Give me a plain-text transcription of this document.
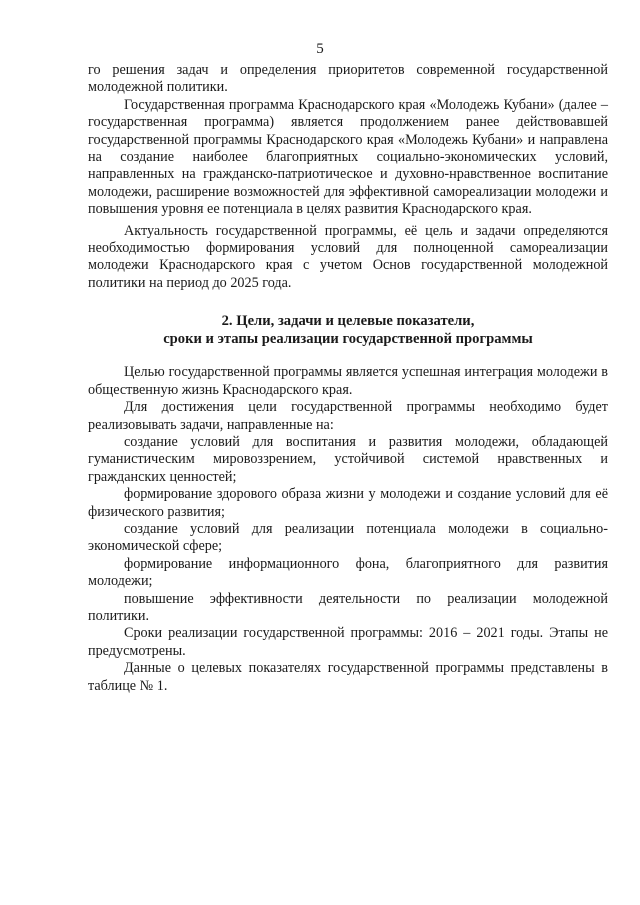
5

го решения задач и определения приоритетов современной государственной молодежной политики.

Государственная программа Краснодарского края «Молодежь Кубани» (далее – государственная программа) является продолжением ранее действовавшей государственной программы Краснодарского края «Молодежь Кубани» и направлена на создание наиболее благоприятных социально-экономических условий, направленных на гражданско-патриотическое и духовно-нравственное воспитание молодежи, расширение возможностей для эффективной самореализации молодежи и повышения уровня ее потенциала в целях развития Краснодарского края.

Актуальность государственной программы, её цель и задачи определяются необходимостью формирования условий для полноценной самореализации молодежи Краснодарского края с учетом Основ государственной молодежной политики на период до 2025 года.

2. Цели, задачи и целевые показатели,
сроки и этапы реализации государственной программы

Целью государственной программы является успешная интеграция молодежи в общественную жизнь Краснодарского края.

Для достижения цели государственной программы необходимо будет реализовывать задачи, направленные на:

создание условий для воспитания и развития молодежи, обладающей гуманистическим мировоззрением, устойчивой системой нравственных и гражданских ценностей;

формирование здорового образа жизни у молодежи и создание условий для её физического развития;

создание условий для реализации потенциала молодежи в социально-экономической сфере;

формирование информационного фона, благоприятного для развития молодежи;

повышение эффективности деятельности по реализации молодежной политики.

Сроки реализации государственной программы: 2016 – 2021 годы. Этапы не предусмотрены.

Данные о целевых показателях государственной программы представлены в таблице № 1.
